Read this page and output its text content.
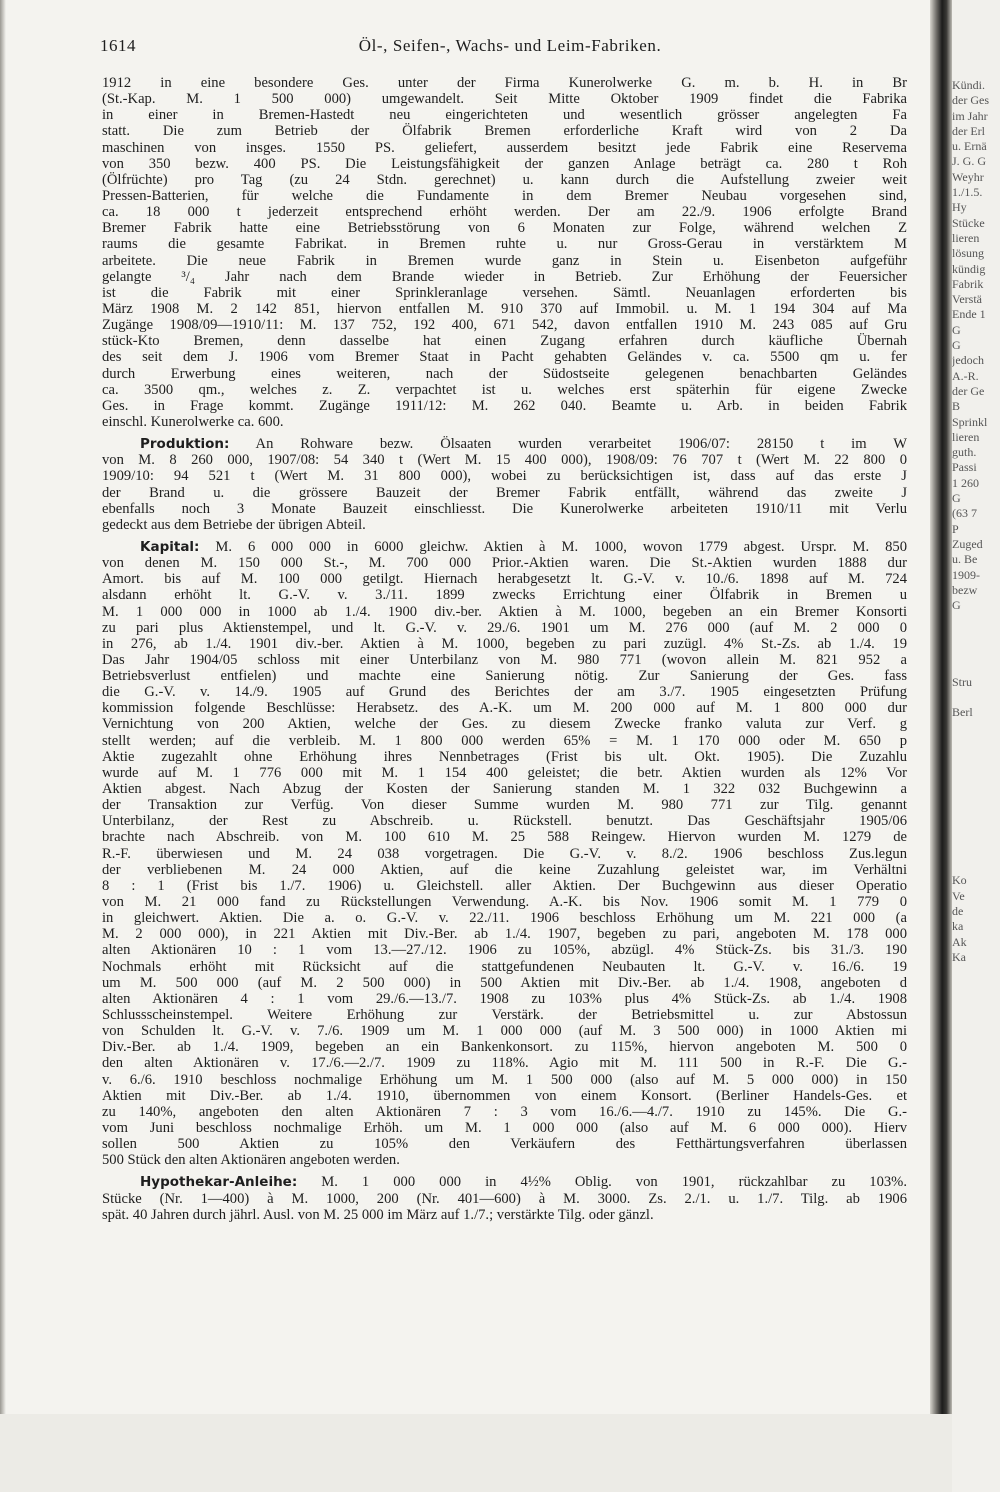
1614	Öl-, Seifen-, Wachs- und Leim-Fabriken.
1912 in eine besondere Ges. unter der Firma Kunerolwerke G. m. b. H. in Br
(St.-Kap. M. 1 500 000) umgewandelt. Seit Mitte Oktober 1909 findet die Fabrika
in einer in Bremen-Hastedt neu eingerichteten und wesentlich grösser angelegten Fa
statt. Die zum Betrieb der Ölfabrik Bremen erforderliche Kraft wird von 2 Da
maschinen von insges. 1550 PS. geliefert, ausserdem besitzt jede Fabrik eine Reservema
von 350 bezw. 400 PS. Die Leistungsfähigkeit der ganzen Anlage beträgt ca. 280 t Roh
(Ölfrüchte) pro Tag (zu 24 Stdn. gerechnet) u. kann durch die Aufstellung zweier weit
Pressen-Batterien, für welche die Fundamente in dem Bremer Neubau vorgesehen sind,
ca. 18 000 t jederzeit entsprechend erhöht werden. Der am 22./9. 1906 erfolgte Brand
Bremer Fabrik hatte eine Betriebsstörung von 6 Monaten zur Folge, während welchen Z
raums die gesamte Fabrikat. in Bremen ruhte u. nur Gross-Gerau in verstärktem M
arbeitete. Die neue Fabrik in Bremen wurde ganz in Stein u. Eisenbeton aufgeführ
gelangte ³/₄ Jahr nach dem Brande wieder in Betrieb. Zur Erhöhung der Feuersicher
ist die Fabrik mit einer Sprinkleranlage versehen. Sämtl. Neuanlagen erforderten bis
März 1908 M. 2 142 851, hiervon entfallen M. 910 370 auf Immobil. u. M. 1 194 304 auf Ma
Zugänge 1908/09—1910/11: M. 137 752, 192 400, 671 542, davon entfallen 1910 M. 243 085 auf Gru
stück-Kto Bremen, denn dasselbe hat einen Zugang erfahren durch käufliche Übernah
des seit dem J. 1906 vom Bremer Staat in Pacht gehabten Geländes v. ca. 5500 qm u. fer
durch Erwerbung eines weiteren, nach der Südostseite gelegenen benachbarten Geländes
ca. 3500 qm., welches z. Z. verpachtet ist u. welches erst späterhin für eigene Zwecke
Ges. in Frage kommt. Zugänge 1911/12: M. 262 040. Beamte u. Arb. in beiden Fabrik
einschl. Kunerolwerke ca. 600.
Produktion: An Rohware bezw. Ölsaaten wurden verarbeitet 1906/07: 28150 t im W
von M. 8 260 000, 1907/08: 54 340 t (Wert M. 15 400 000), 1908/09: 76 707 t (Wert M. 22 800 0
1909/10: 94 521 t (Wert M. 31 800 000), wobei zu berücksichtigen ist, dass auf das erste J
der Brand u. die grössere Bauzeit der Bremer Fabrik entfällt, während das zweite J
ebenfalls noch 3 Monate Bauzeit einschliesst. Die Kunerolwerke arbeiteten 1910/11 mit Verlu
gedeckt aus dem Betriebe der übrigen Abteil.
Kapital: M. 6 000 000 in 6000 gleichw. Aktien à M. 1000, wovon 1779 abgest. Urspr. M. 850
von denen M. 150 000 St.-, M. 700 000 Prior.-Aktien waren. Die St.-Aktien wurden 1888 dur
Amort. bis auf M. 100 000 getilgt. Hiernach herabgesetzt lt. G.-V. v. 10./6. 1898 auf M. 724
alsdann erhöht lt. G.-V. v. 3./11. 1899 zwecks Errichtung einer Ölfabrik in Bremen u
M. 1 000 000 in 1000 ab 1./4. 1900 div.-ber. Aktien à M. 1000, begeben an ein Bremer Konsorti
zu pari plus Aktienstempel, und lt. G.-V. v. 29./6. 1901 um M. 276 000 (auf M. 2 000 0
in 276, ab 1./4. 1901 div.-ber. Aktien à M. 1000, begeben zu pari zuzügl. 4% St.-Zs. ab 1./4. 19
Das Jahr 1904/05 schloss mit einer Unterbilanz von M. 980 771 (wovon allein M. 821 952 a
Betriebsverlust entfielen) und machte eine Sanierung nötig. Zur Sanierung der Ges. fass
die G.-V. v. 14./9. 1905 auf Grund des Berichtes der am 3./7. 1905 eingesetzten Prüfung
kommission folgende Beschlüsse: Herabsetz. des A.-K. um M. 200 000 auf M. 1 800 000 dur
Vernichtung von 200 Aktien, welche der Ges. zu diesem Zwecke franko valuta zur Verf. g
stellt werden; auf die verbleib. M. 1 800 000 werden 65% = M. 1 170 000 oder M. 650 p
Aktie zugezahlt ohne Erhöhung ihres Nennbetrages (Frist bis ult. Okt. 1905). Die Zuzahlu
wurde auf M. 1 776 000 mit M. 1 154 400 geleistet; die betr. Aktien wurden als 12% Vor
Aktien abgest. Nach Abzug der Kosten der Sanierung standen M. 1 322 032 Buchgewinn a
der Transaktion zur Verfüg. Von dieser Summe wurden M. 980 771 zur Tilg. genannt
Unterbilanz, der Rest zu Abschreib. u. Rückstell. benutzt. Das Geschäftsjahr 1905/06
brachte nach Abschreib. von M. 100 610 M. 25 588 Reingew. Hiervon wurden M. 1279 de
R.-F. überwiesen und M. 24 038 vorgetragen. Die G.-V. v. 8./2. 1906 beschloss Zus.legun
der verbliebenen M. 24 000 Aktien, auf die keine Zuzahlung geleistet war, im Verhältni
8 : 1 (Frist bis 1./7. 1906) u. Gleichstell. aller Aktien. Der Buchgewinn aus dieser Operatio
von M. 21 000 fand zu Rückstellungen Verwendung. A.-K. bis Nov. 1906 somit M. 1 779 0
in gleichwert. Aktien. Die a. o. G.-V. v. 22./11. 1906 beschloss Erhöhung um M. 221 000 (a
M. 2 000 000), in 221 Aktien mit Div.-Ber. ab 1./4. 1907, begeben zu pari, angeboten M. 178 000
alten Aktionären 10 : 1 vom 13.—27./12. 1906 zu 105%, abzügl. 4% Stück-Zs. bis 31./3. 190
Nochmals erhöht mit Rücksicht auf die stattgefundenen Neubauten lt. G.-V. v. 16./6. 19
um M. 500 000 (auf M. 2 500 000) in 500 Aktien mit Div.-Ber. ab 1./4. 1908, angeboten d
alten Aktionären 4 : 1 vom 29./6.—13./7. 1908 zu 103% plus 4% Stück-Zs. ab 1./4. 1908
Schlussscheinstempel. Weitere Erhöhung zur Verstärk. der Betriebsmittel u. zur Abstossun
von Schulden lt. G.-V. v. 7./6. 1909 um M. 1 000 000 (auf M. 3 500 000) in 1000 Aktien mi
Div.-Ber. ab 1./4. 1909, begeben an ein Bankenkonsort. zu 115%, hiervon angeboten M. 500 0
den alten Aktionären v. 17./6.—2./7. 1909 zu 118%. Agio mit M. 111 500 in R.-F. Die G.-
v. 6./6. 1910 beschloss nochmalige Erhöhung um M. 1 500 000 (also auf M. 5 000 000) in 150
Aktien mit Div.-Ber. ab 1./4. 1910, übernommen von einem Konsort. (Berliner Handels-Ges. et
zu 140%, angeboten den alten Aktionären 7 : 3 vom 16./6.—4./7. 1910 zu 145%. Die G.-
vom Juni beschloss nochmalige Erhöh. um M. 1 000 000 (also auf M. 6 000 000). Hierv
sollen 500 Aktien zu 105% den Verkäufern des Fetthärtungsverfahren überlassen
500 Stück den alten Aktionären angeboten werden.
Hypothekar-Anleihe: M. 1 000 000 in 4½% Oblig. von 1901, rückzahlbar zu 103%.
Stücke (Nr. 1—400) à M. 1000, 200 (Nr. 401—600) à M. 3000. Zs. 2./1. u. 1./7. Tilg. ab 1906
spät. 40 Jahren durch jährl. Ausl. von M. 25 000 im März auf 1./7.; verstärkte Tilg. oder gänzl.
Kündi.
der Ges
im Jahr
der Erl
u. Ernä
J. G. G
Weyhr
1./1.5.
Hy
Stücke
lieren
lösung
kündig
Fabrik
Verstä
Ende 1
G
G
jedoch
A.-R.
der Ge
B
Sprinkl
lieren
guth.
Passi
1 260
G
(63 7
P
Zuged
u. Be
1909-
bezw
G

Stru

Berl

Ko
Ve
de
ka
Ak
Ka
